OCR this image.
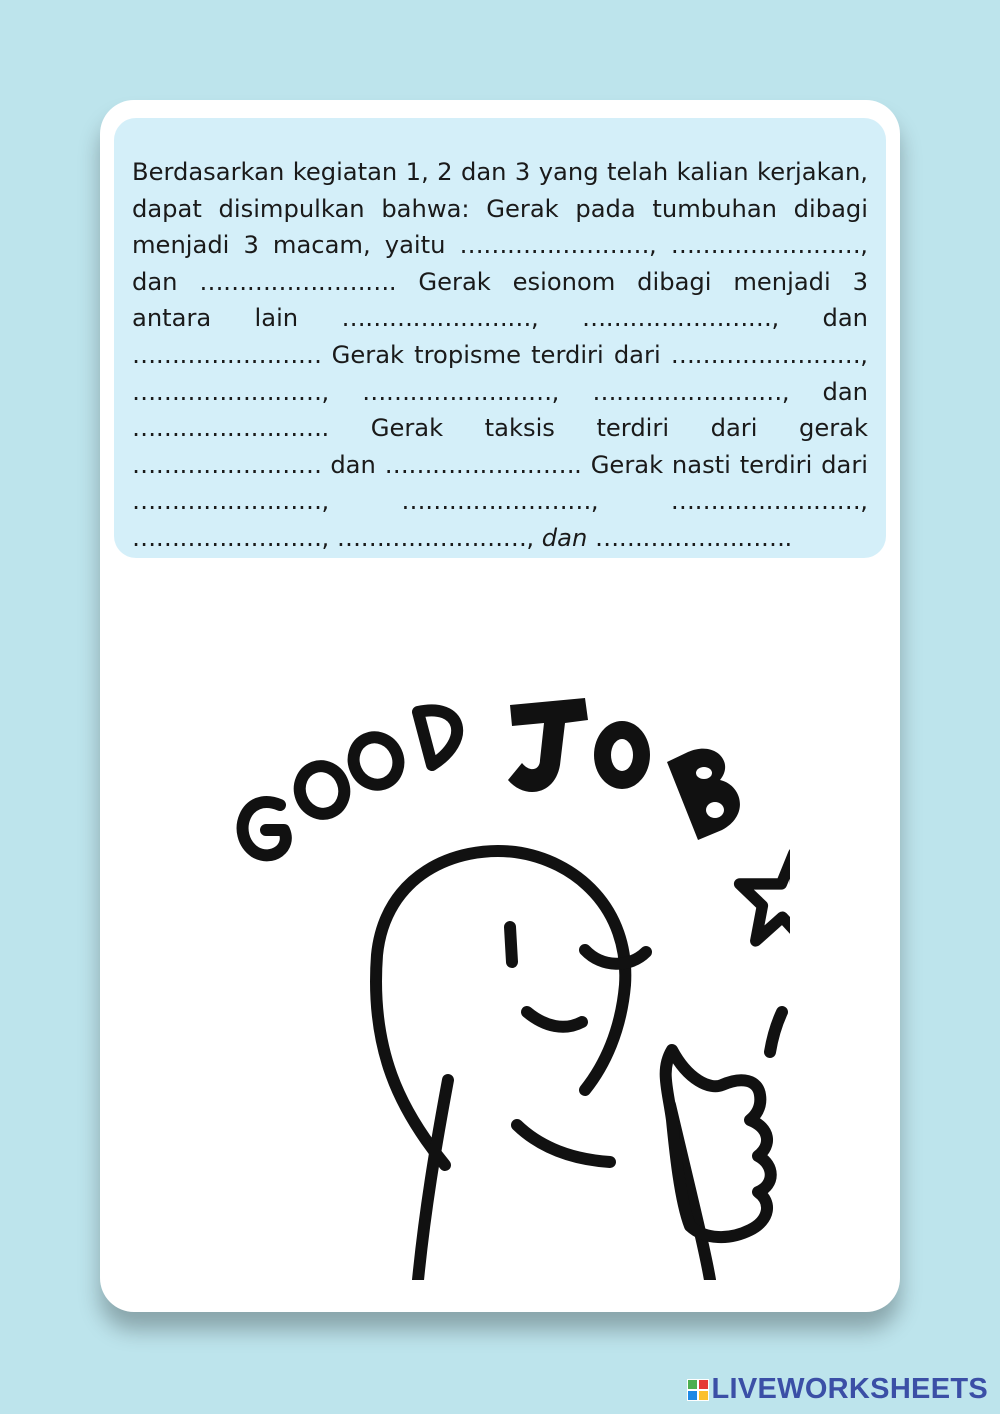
Berdasarkan kegiatan 1, 2 dan 3 yang telah kalian kerjakan, dapat disimpulkan bahwa: Gerak pada tumbuhan dibagi menjadi 3 macam, yaitu ……………………, ……………………, dan ……………………. Gerak esionom dibagi menjadi 3 antara lain ……………………, ……………………, dan …………………… Gerak tropisme terdiri dari ……………………, ……………………, ……………………, ……………………, dan ……………………. Gerak taksis terdiri dari gerak …………………… dan ……………………. Gerak nasti terdiri dari ……………………, ……………………, ……………………, ……………………, ……………………, dan …………………….

LIVEWORKSHEETS
